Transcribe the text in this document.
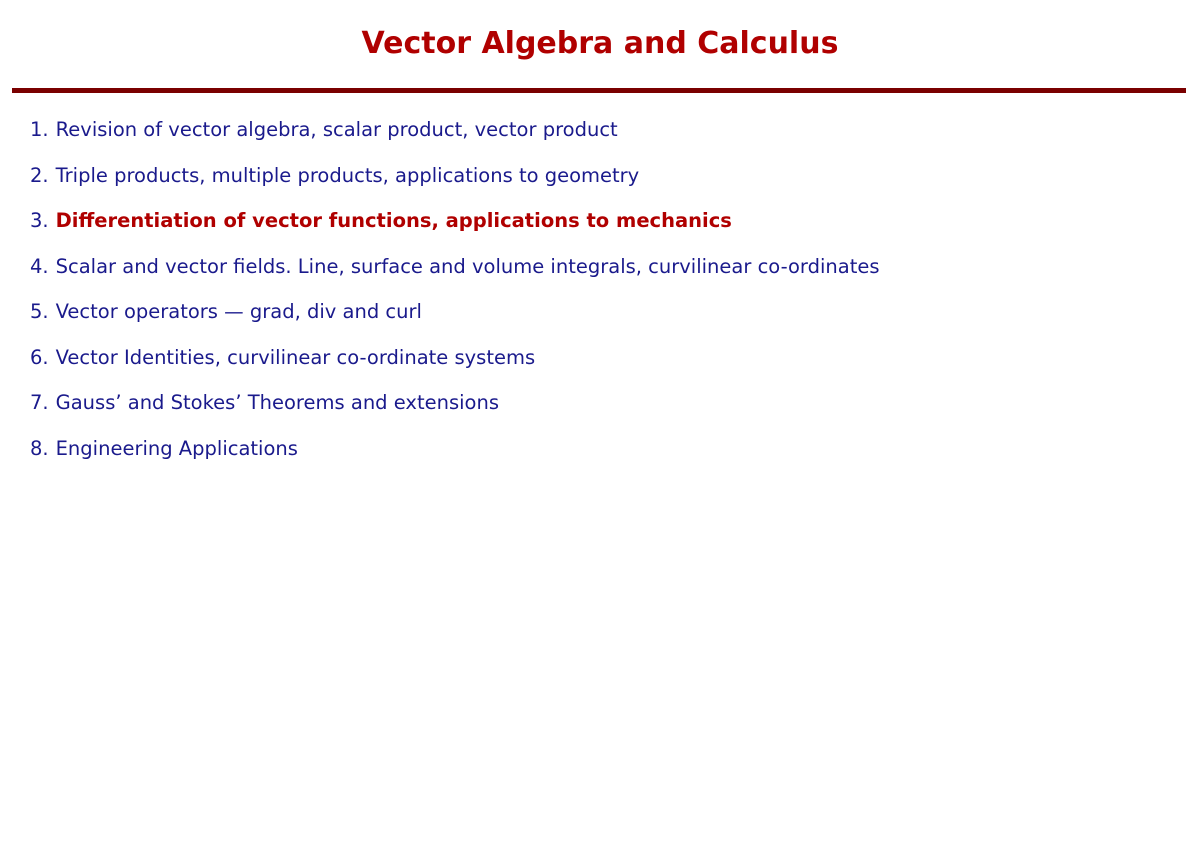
Vector Algebra and Calculus
1. Revision of vector algebra, scalar product, vector product
2. Triple products, multiple products, applications to geometry
3. Differentiation of vector functions, applications to mechanics
4. Scalar and vector fields. Line, surface and volume integrals, curvilinear co-ordinates
5. Vector operators — grad, div and curl
6. Vector Identities, curvilinear co-ordinate systems
7. Gauss’ and Stokes’ Theorems and extensions
8. Engineering Applications
